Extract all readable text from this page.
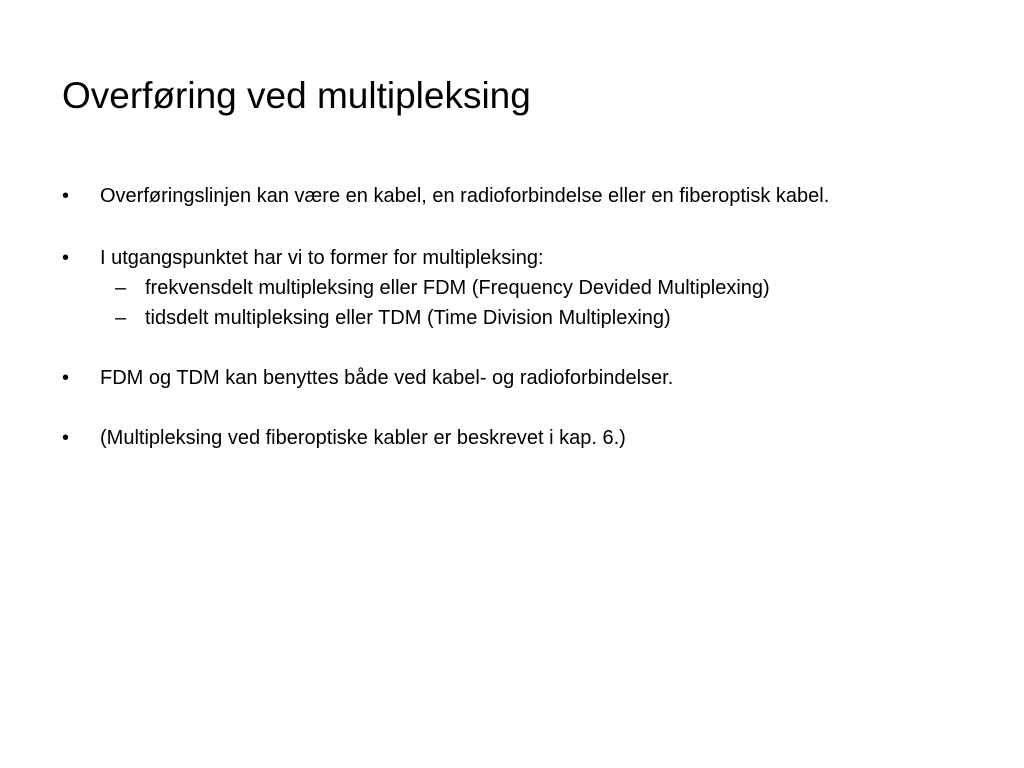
Overføring ved multipleksing
• Overføringslinjen kan være en kabel, en radioforbindelse eller en fiberoptisk kabel.
• I utgangspunktet har vi to former for multipleksing:
– frekvensdelt multipleksing eller FDM (Frequency Devided Multiplexing)
– tidsdelt multipleksing eller TDM (Time Division Multiplexing)
• FDM og TDM kan benyttes både ved kabel- og radioforbindelser.
• (Multipleksing ved fiberoptiske kabler er beskrevet i kap. 6.)
